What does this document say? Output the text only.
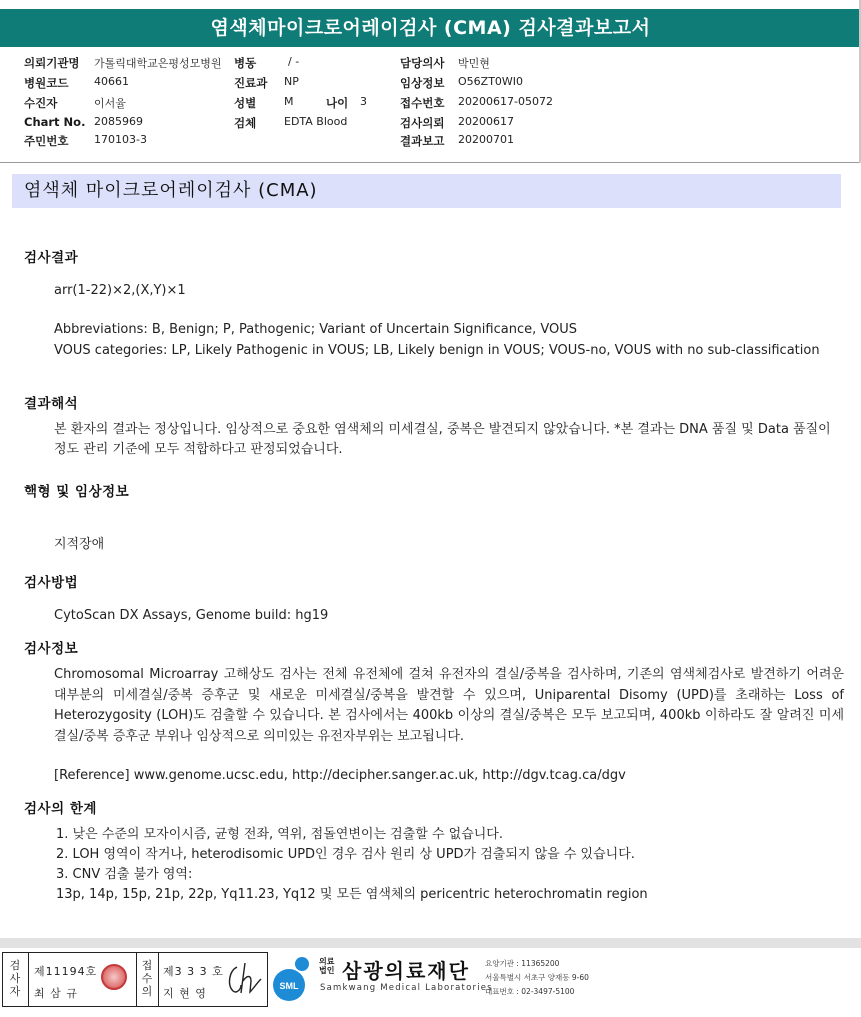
염색체마이크로어레이검사 (CMA) 검사결과보고서
의뢰기관명 가톨릭대학교은평성모병원 병동	/ -	담당의사 박민현
병원코드 40661	진료과 NP	임상정보 O56ZT0WI0
수진자	이서율	성별	M	나이 3	접수번호 20200617-05072
Chart No. 2085969	검체	EDTA Blood	검사의뢰 20200617
주민번호 170103-3	결과보고 20200701
염색체 마이크로어레이검사 (CMA)
검사결과
arr(1-22)×2,(X,Y)×1
Abbreviations: B, Benign; P, Pathogenic; Variant of Uncertain Significance, VOUS
VOUS categories: LP, Likely Pathogenic in VOUS; LB, Likely benign in VOUS; VOUS-no, VOUS with no sub-classification
결과해석
본 환자의 결과는 정상입니다. 임상적으로 중요한 염색체의 미세결실, 중복은 발견되지 않았습니다. *본 결과는 DNA 품질 및 Data 품질이 정도 관리 기준에 모두 적합하다고 판정되었습니다.
핵형 및 임상정보
지적장애
검사방법
CytoScan DX Assays, Genome build: hg19
검사정보
Chromosomal Microarray 고해상도 검사는 전체 유전체에 걸쳐 유전자의 결실/중복을 검사하며, 기존의 염색체검사로 발견하기 어려운 대부분의 미세결실/중복 증후군 및 새로운 미세결실/중복을 발견할 수 있으며, Uniparental Disomy (UPD)를 초래하는 Loss of Heterozygosity (LOH)도 검출할 수 있습니다. 본 검사에서는 400kb 이상의 결실/중복은 모두 보고되며, 400kb 이하라도 잘 알려진 미세결실/중복 증후군 부위나 임상적으로 의미있는 유전자부위는 보고됩니다.
[Reference] www.genome.ucsc.edu, http://decipher.sanger.ac.uk, http://dgv.tcag.ca/dgv
검사의 한계
1. 낮은 수준의 모자이시즘, 균형 전좌, 역위, 점돌연변이는 검출할 수 없습니다.
2. LOH 영역이 작거나, heterodisomic UPD인 경우 검사 원리 상 UPD가 검출되지 않을 수 있습니다.
3. CNV 검출 불가 영역:
13p, 14p, 15p, 21p, 22p, Yq11.23, Yq12 및 모든 염색체의 pericentric heterochromatin region
검사자
제11194호
최 삼 규
접수의
제3 3 3 호
지 현 영
SML
의료
법인 삼광의료재단
Samkwang Medical Laboratories
요양기관 : 11365200
서울특별시 서초구 양재동 9-60
대표번호 : 02-3497-5100
